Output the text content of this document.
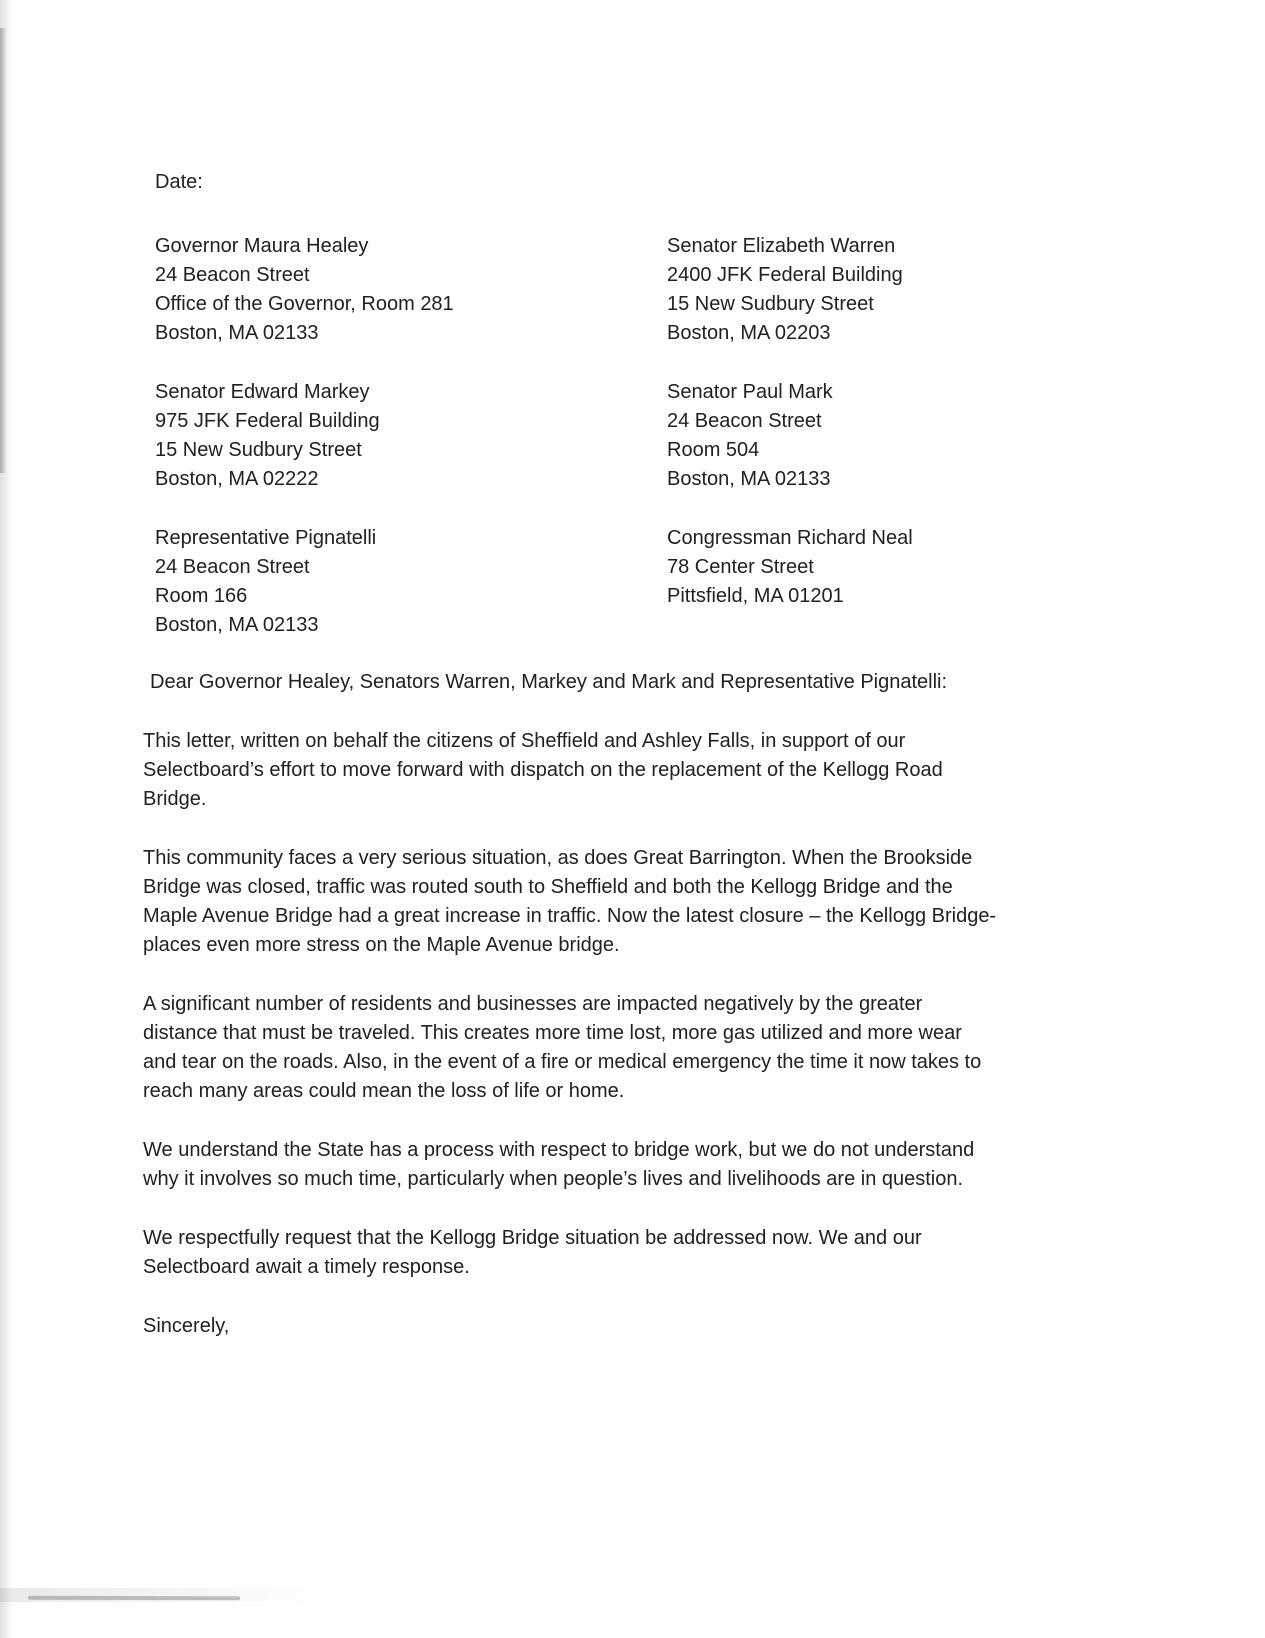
Date:
Governor Maura Healey
24 Beacon Street
Office of the Governor, Room 281
Boston, MA 02133
Senator Elizabeth Warren
2400 JFK Federal Building
15 New Sudbury Street
Boston, MA 02203
Senator Edward Markey
975 JFK Federal Building
15 New Sudbury Street
Boston, MA 02222
Senator Paul Mark
24 Beacon Street
Room 504
Boston, MA 02133
Representative Pignatelli
24 Beacon Street
Room 166
Boston, MA 02133
Congressman Richard Neal
78 Center Street
Pittsfield, MA 01201
Dear Governor Healey, Senators Warren, Markey and Mark and Representative Pignatelli:
This letter, written on behalf the citizens of Sheffield and Ashley Falls, in support of our
Selectboard’s effort to move forward with dispatch on the replacement of the Kellogg Road
Bridge.
This community faces a very serious situation, as does Great Barrington. When the Brookside
Bridge was closed, traffic was routed south to Sheffield and both the Kellogg Bridge and the
Maple Avenue Bridge had a great increase in traffic. Now the latest closure – the Kellogg Bridge-
places even more stress on the Maple Avenue bridge.
A significant number of residents and businesses are impacted negatively by the greater
distance that must be traveled. This creates more time lost, more gas utilized and more wear
and tear on the roads. Also, in the event of a fire or medical emergency the time it now takes to
reach many areas could mean the loss of life or home.
We understand the State has a process with respect to bridge work, but we do not understand
why it involves so much time, particularly when people’s lives and livelihoods are in question.
We respectfully request that the Kellogg Bridge situation be addressed now. We and our
Selectboard await a timely response.
Sincerely,
